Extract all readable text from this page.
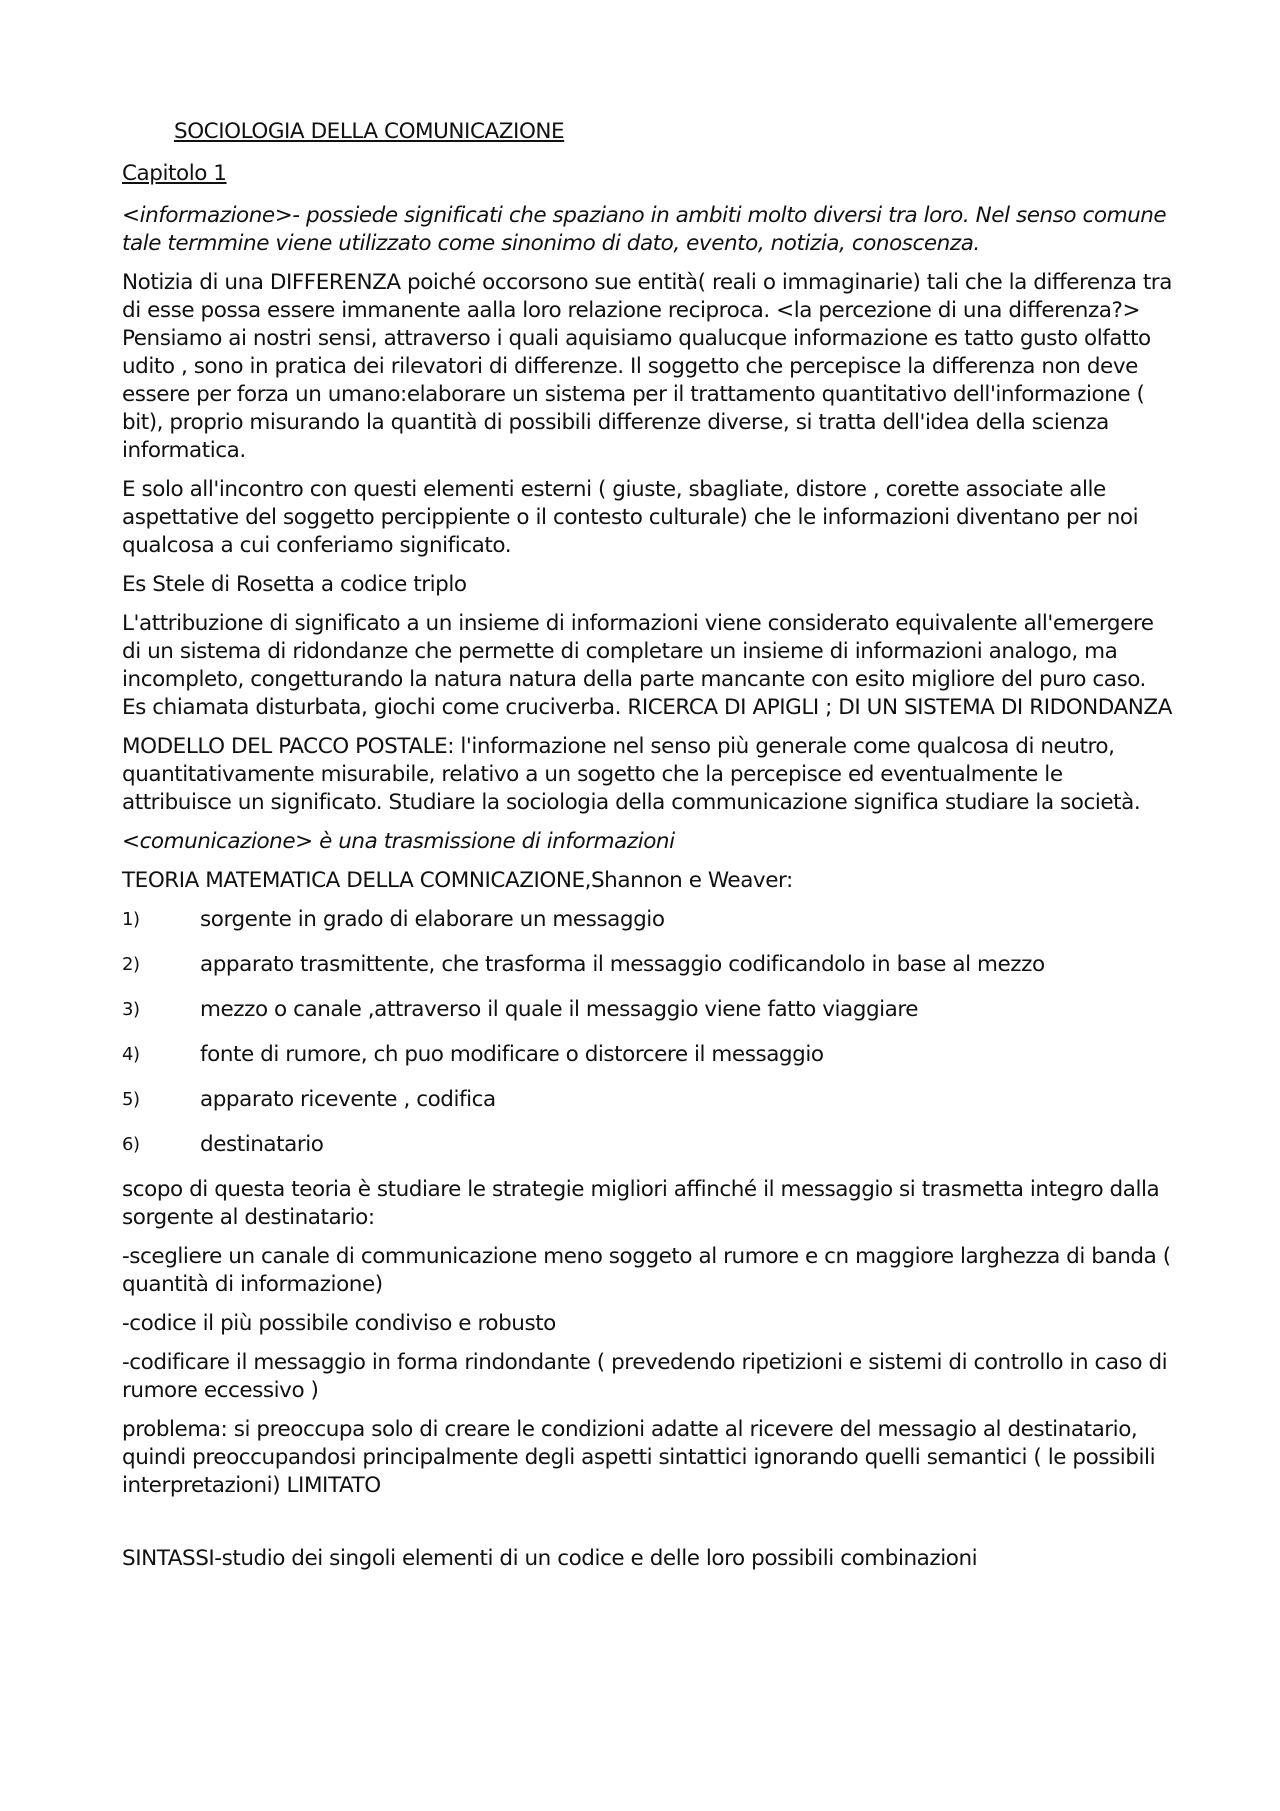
SOCIOLOGIA DELLA COMUNICAZIONE

Capitolo 1

<informazione>- possiede significati che spaziano in ambiti molto diversi tra loro. Nel senso comune tale termmine viene utilizzato come sinonimo di dato, evento, notizia, conoscenza.

Notizia di una DIFFERENZA poiché occorsono sue entità( reali o immaginarie) tali che la differenza tra di esse possa essere immanente aalla loro relazione reciproca. <la percezione di una differenza?> Pensiamo ai nostri sensi, attraverso i quali aquisiamo qualucque informazione es tatto gusto olfatto udito , sono in pratica dei rilevatori di differenze. Il soggetto che percepisce la differenza non deve essere per forza un umano:elaborare un sistema per il trattamento quantitativo dell'informazione ( bit), proprio misurando la quantità di possibili differenze diverse, si tratta dell'idea della scienza informatica.

E solo all'incontro con questi elementi esterni ( giuste, sbagliate, distore , corette associate alle aspettative del soggetto percippiente o il contesto culturale) che le informazioni diventano per noi qualcosa a cui conferiamo significato.

Es Stele di Rosetta a codice triplo

L'attribuzione di significato a un insieme di informazioni viene considerato equivalente all'emergere di un sistema di ridondanze che permette di completare un insieme di informazioni analogo, ma incompleto, congetturando la natura natura della parte mancante con esito migliore del puro caso. Es chiamata disturbata, giochi come cruciverba. RICERCA DI APIGLI ; DI UN SISTEMA DI RIDONDANZA

MODELLO DEL PACCO POSTALE: l'informazione nel senso più generale come qualcosa di neutro, quantitativamente misurabile, relativo a un sogetto che la percepisce ed eventualmente le attribuisce un significato. Studiare la sociologia della communicazione significa studiare la società.

<comunicazione> è una trasmissione di informazioni

TEORIA MATEMATICA DELLA COMNICAZIONE,Shannon e Weaver:

1)	sorgente in grado di elaborare un messaggio
2)	apparato trasmittente, che trasforma il messaggio codificandolo in base al mezzo
3)	mezzo o canale ,attraverso il quale il messaggio viene fatto viaggiare
4)	fonte di rumore, ch puo modificare o distorcere il messaggio
5)	apparato ricevente , codifica
6)	destinatario

scopo di questa teoria è studiare le strategie migliori affinché il messaggio si trasmetta integro dalla sorgente al destinatario:

-scegliere un canale di communicazione meno soggeto al rumore e cn maggiore larghezza di banda ( quantità di informazione)

-codice il più possibile condiviso e robusto

-codificare il messaggio in forma rindondante ( prevedendo ripetizioni e sistemi di controllo in caso di rumore eccessivo )

problema: si preoccupa solo di creare le condizioni adatte al ricevere del messagio al destinatario, quindi preoccupandosi principalmente degli aspetti sintattici ignorando quelli semantici ( le possibili interpretazioni) LIMITATO

SINTASSI-studio dei singoli elementi di un codice e delle loro possibili combinazioni
